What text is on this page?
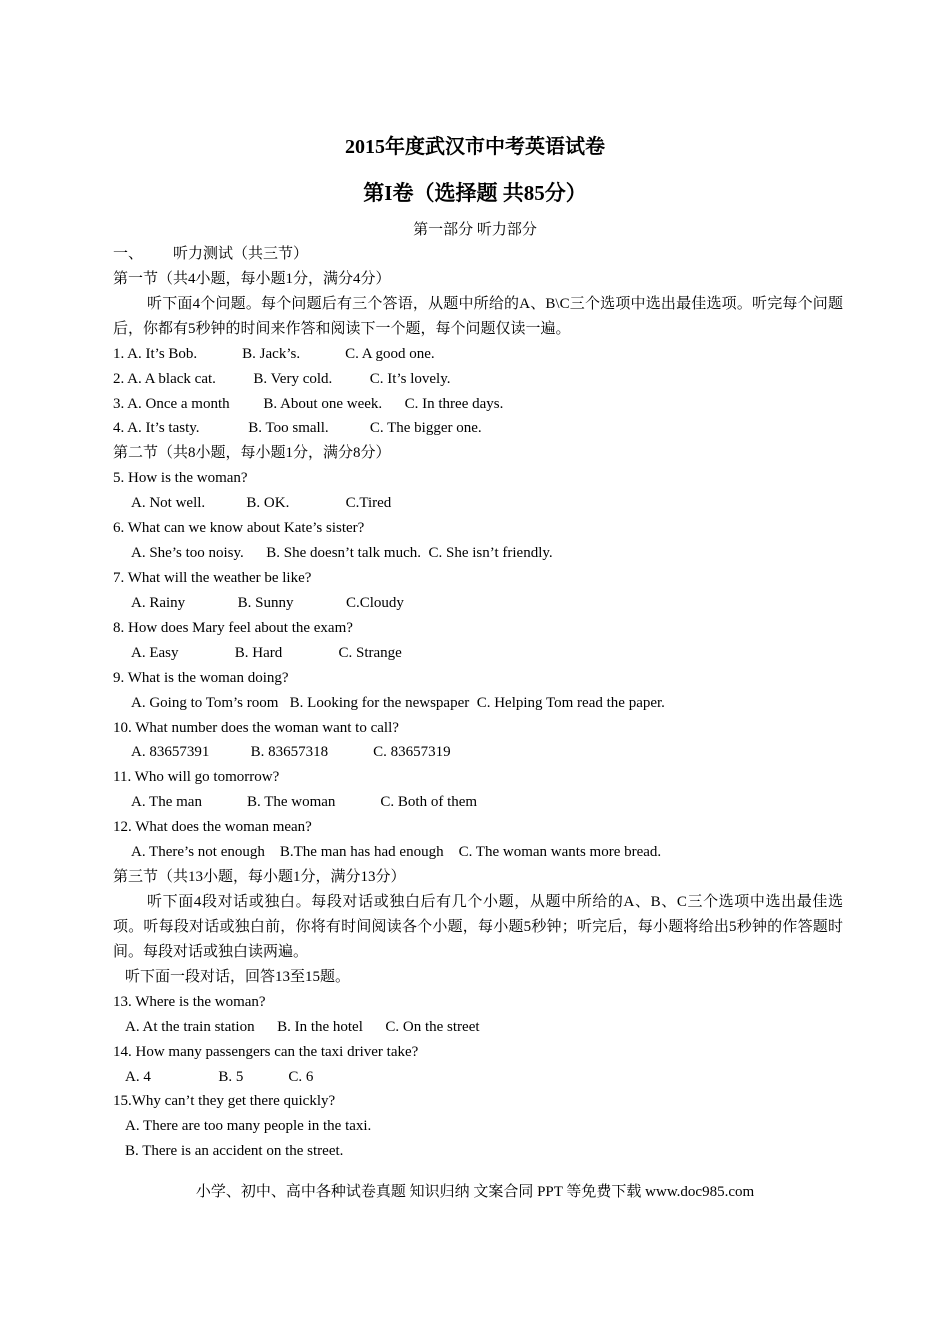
2015年度武汉市中考英语试卷
第I卷（选择题 共85分）
第一部分 听力部分
一、        听力测试（共三节）
第一节（共4小题，每小题1分，满分4分）
听下面4个问题。每个问题后有三个答语，从题中所给的A、B\C三个选项中选出最佳选项。听完每个问题后，你都有5秒钟的时间来作答和阅读下一个题，每个问题仅读一遍。
1. A. It’s Bob.            B. Jack’s.            C. A good one.
2. A. A black cat.          B. Very cold.          C. It’s lovely.
3. A. Once a month         B. About one week.      C. In three days.
4. A. It’s tasty.             B. Too small.           C. The bigger one.
第二节（共8小题，每小题1分，满分8分）
5. How is the woman?
A. Not well.           B. OK.               C.Tired
6. What can we know about Kate’s sister?
A. She’s too noisy.      B. She doesn’t talk much.  C. She isn’t friendly.
7. What will the weather be like?
A. Rainy              B. Sunny              C.Cloudy
8. How does Mary feel about the exam?
A. Easy               B. Hard               C. Strange
9. What is the woman doing?
A. Going to Tom’s room   B. Looking for the newspaper  C. Helping Tom read the paper.
10. What number does the woman want to call?
A. 83657391           B. 83657318            C. 83657319
11. Who will go tomorrow?
A. The man            B. The woman            C. Both of them
12. What does the woman mean?
A. There’s not enough    B.The man has had enough    C. The woman wants more bread.
第三节（共13小题，每小题1分，满分13分）
听下面4段对话或独白。每段对话或独白后有几个小题，从题中所给的A、B、C三个选项中选出最佳选项。听每段对话或独白前，你将有时间阅读各个小题，每小题5秒钟；听完后，每小题将给出5秒钟的作答题时间。每段对话或独白读两遍。
听下面一段对话，回答13至15题。
13. Where is the woman?
A. At the train station      B. In the hotel      C. On the street
14. How many passengers can the taxi driver take?
A. 4                  B. 5            C. 6
15.Why can’t they get there quickly?
A. There are too many people in the taxi.
B. There is an accident on the street.
小学、初中、高中各种试卷真题 知识归纳 文案合同 PPT 等免费下载 www.doc985.com
